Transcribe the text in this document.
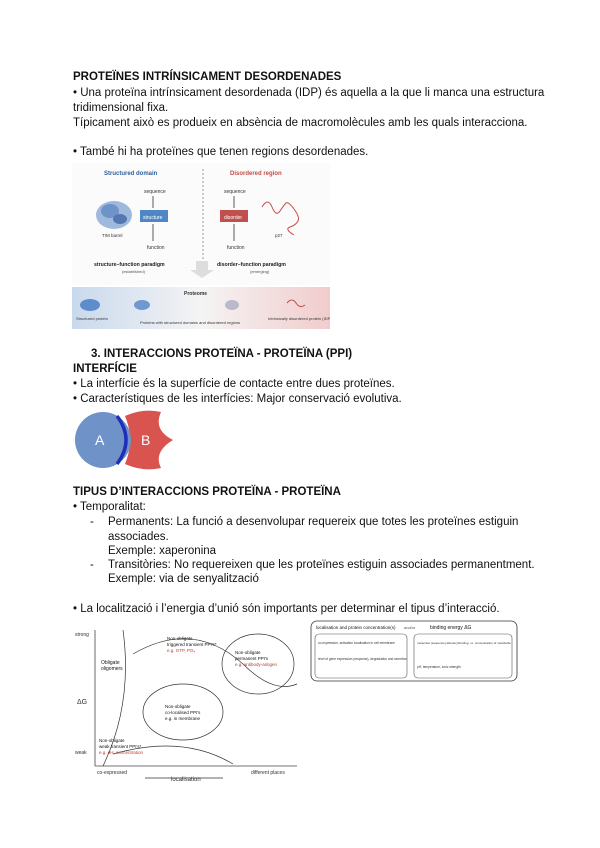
PROTEÏNES INTRÍNSICAMENT DESORDENADES
• Una proteïna intrínsicament desordenada (IDP) és aquella a la que li manca una estructura
tridimensional fixa.
Típicament això es produeix en absència de macromolècules amb les quals interacciona.
• També hi ha proteïnes que tenen regions desordenades.
Structured domain	Disordered region
sequence	sequence
structure	disorder
function	function
TIM barrel	p27
structure–function paradigm
(established)
disorder–function paradigm
(emerging)
Proteome
Structured protein
Proteins with structured domains and disordered regions
Intrinsically disordered protein (IDP)
3. INTERACCIONS PROTEÏNA - PROTEÏNA (PPI)
INTERFÍCIE
• La interfície és la superfície de contacte entre dues proteïnes.
• Característiques de les interfícies: Major conservació evolutiva.
A	B
TIPUS D’INTERACCIONS PROTEÏNA - PROTEÏNA
• Temporalitat:
- Permanents: La funció a desenvolupar requereix que totes les proteïnes estiguin
associades.
Exemple: xaperonina
- Transitòries: No requereixen que les proteïnes estiguin associades permanentment.
Exemple: via de senyalització
• La localització i l’energia d’unió són importants per determinar el tipus d’interacció.
strong
weak
ΔG
co-expressed	different places
localisation
Obligate
oligomers
Non-obligate
triggered transient PPI's*
e.g. GTP, PO₄	Non-obligate
permanent PPI's
e.g. antibody-antigen
Non-obligate
co-localised PPI's
e.g. in membrane
Non-obligate
weak transient PPI's*
e.g. pH, concentration
localisation and protein concentration(s) and/or	binding energy ΔG
co-expression, activation localisation in cell membrane
level of gene expression (response), degradation and secretion
molecular (sequence) allostery/binding, i.e. concentration of metabolite
pH, temperature, ionic strength
